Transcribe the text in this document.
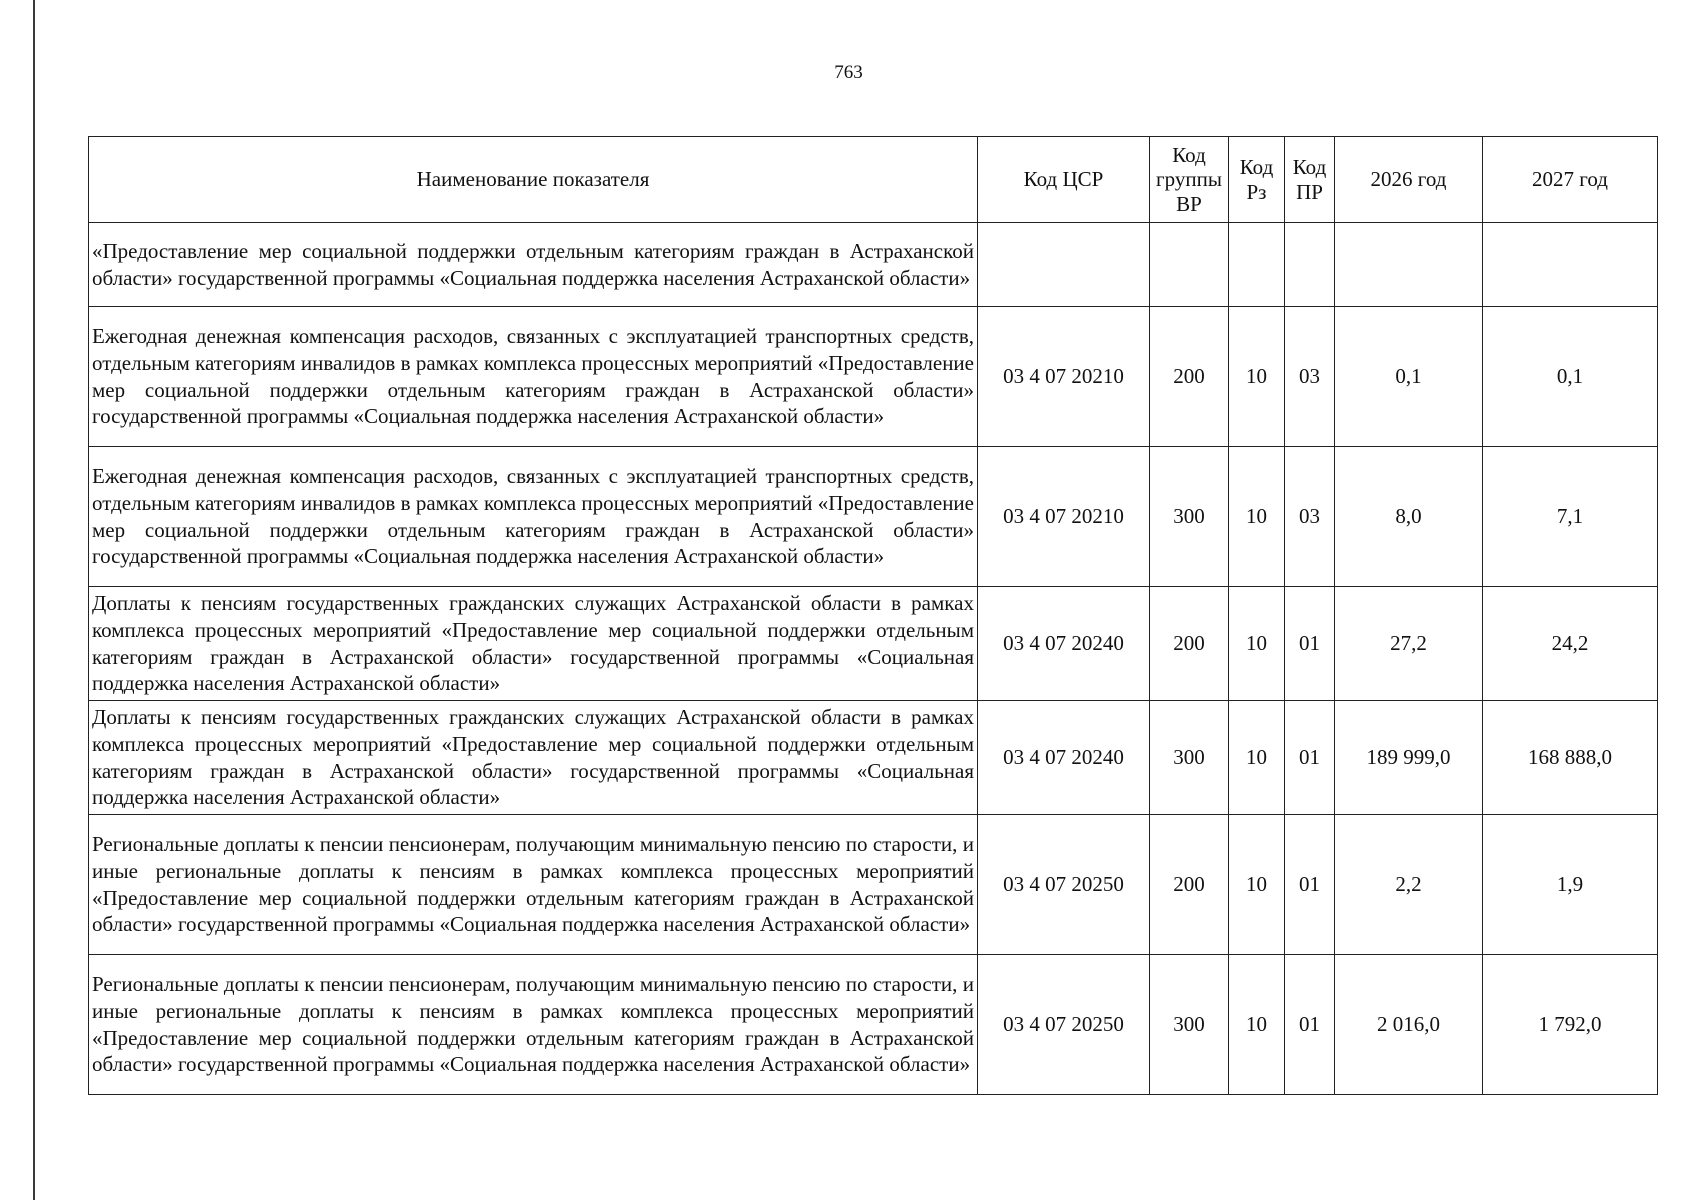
763
Наименование показателя	Код ЦСР	Код группы ВР	Код Рз	Код ПР	2026 год	2027 год
«Предоставление мер социальной поддержки отдельным категориям граждан в Астраханской области» государственной программы «Социальная поддержка населения Астраханской области»						
Ежегодная денежная компенсация расходов, связанных с эксплуатацией транспортных средств, отдельным категориям инвалидов в рамках комплекса процессных мероприятий «Предоставление мер социальной поддержки отдельным категориям граждан в Астраханской области» государственной программы «Социальная поддержка населения Астраханской области»	03 4 07 20210	200	10	03	0,1	0,1
Ежегодная денежная компенсация расходов, связанных с эксплуатацией транспортных средств, отдельным категориям инвалидов в рамках комплекса процессных мероприятий «Предоставление мер социальной поддержки отдельным категориям граждан в Астраханской области» государственной программы «Социальная поддержка населения Астраханской области»	03 4 07 20210	300	10	03	8,0	7,1
Доплаты к пенсиям государственных гражданских служащих Астраханской области в рамках комплекса процессных мероприятий «Предоставление мер социальной поддержки отдельным категориям граждан в Астраханской области» государственной программы «Социальная поддержка населения Астраханской области»	03 4 07 20240	200	10	01	27,2	24,2
Доплаты к пенсиям государственных гражданских служащих Астраханской области в рамках комплекса процессных мероприятий «Предоставление мер социальной поддержки отдельным категориям граждан в Астраханской области» государственной программы «Социальная поддержка населения Астраханской области»	03 4 07 20240	300	10	01	189 999,0	168 888,0
Региональные доплаты к пенсии пенсионерам, получающим минимальную пенсию по старости, и иные региональные доплаты к пенсиям в рамках комплекса процессных мероприятий «Предоставление мер социальной поддержки отдельным категориям граждан в Астраханской области» государственной программы «Социальная поддержка населения Астраханской области»	03 4 07 20250	200	10	01	2,2	1,9
Региональные доплаты к пенсии пенсионерам, получающим минимальную пенсию по старости, и иные региональные доплаты к пенсиям в рамках комплекса процессных мероприятий «Предоставление мер социальной поддержки отдельным категориям граждан в Астраханской области» государственной программы «Социальная поддержка населения Астраханской области»	03 4 07 20250	300	10	01	2 016,0	1 792,0
